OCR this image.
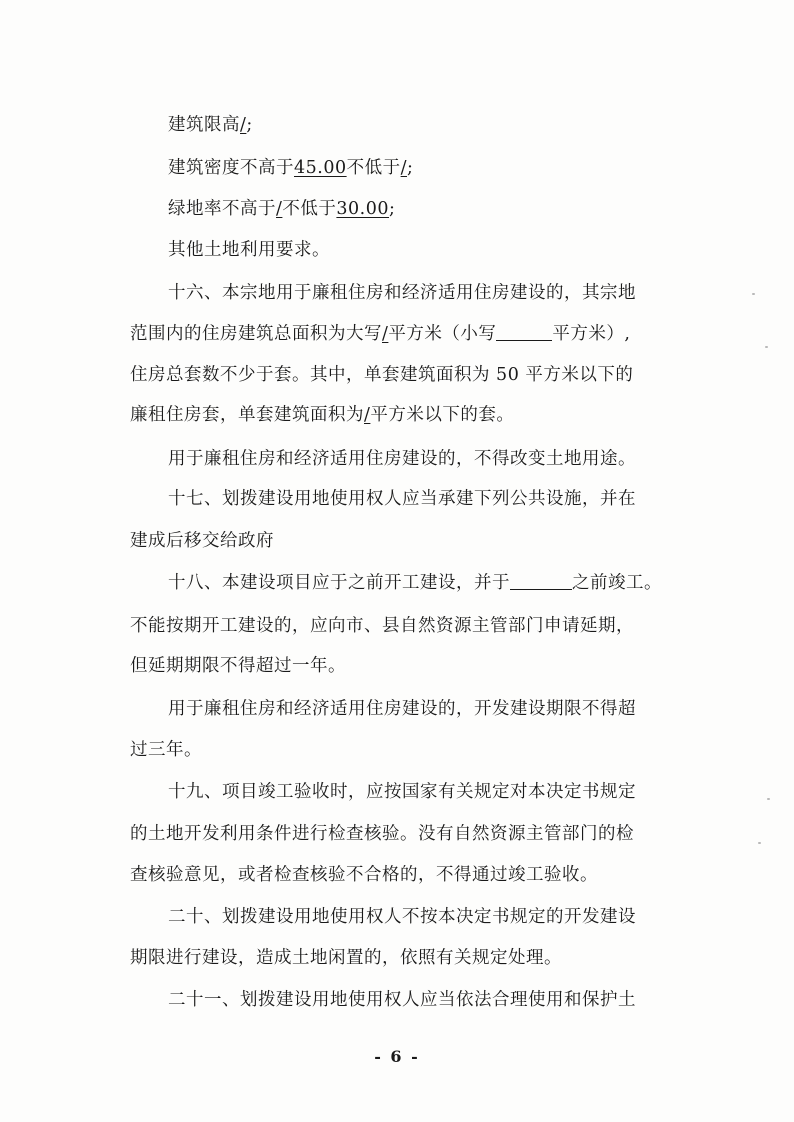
建筑限高/;
建筑密度不高于45.00不低于/;
绿地率不高于/不低于30.00;
其他土地利用要求。
十六、本宗地用于廉租住房和经济适用住房建设的，其宗地
范围内的住房建筑总面积为大写/平方米（小写	平方米）,
住房总套数不少于套。其中，单套建筑面积为 50 平方米以下的
廉租住房套，单套建筑面积为/平方米以下的套。
用于廉租住房和经济适用住房建设的，不得改变土地用途。
十七、划拨建设用地使用权人应当承建下列公共设施，并在
建成后移交给政府
十八、本建设项目应于之前开工建设，并于	之前竣工。
不能按期开工建设的，应向市、县自然资源主管部门申请延期，
但延期期限不得超过一年。
用于廉租住房和经济适用住房建设的，开发建设期限不得超
过三年。
十九、项目竣工验收时，应按国家有关规定对本决定书规定
的土地开发利用条件进行检查核验。没有自然资源主管部门的检
查核验意见，或者检查核验不合格的，不得通过竣工验收。
二十、划拨建设用地使用权人不按本决定书规定的开发建设
期限进行建设，造成土地闲置的，依照有关规定处理。
二十一、划拨建设用地使用权人应当依法合理使用和保护土
- 6 -
